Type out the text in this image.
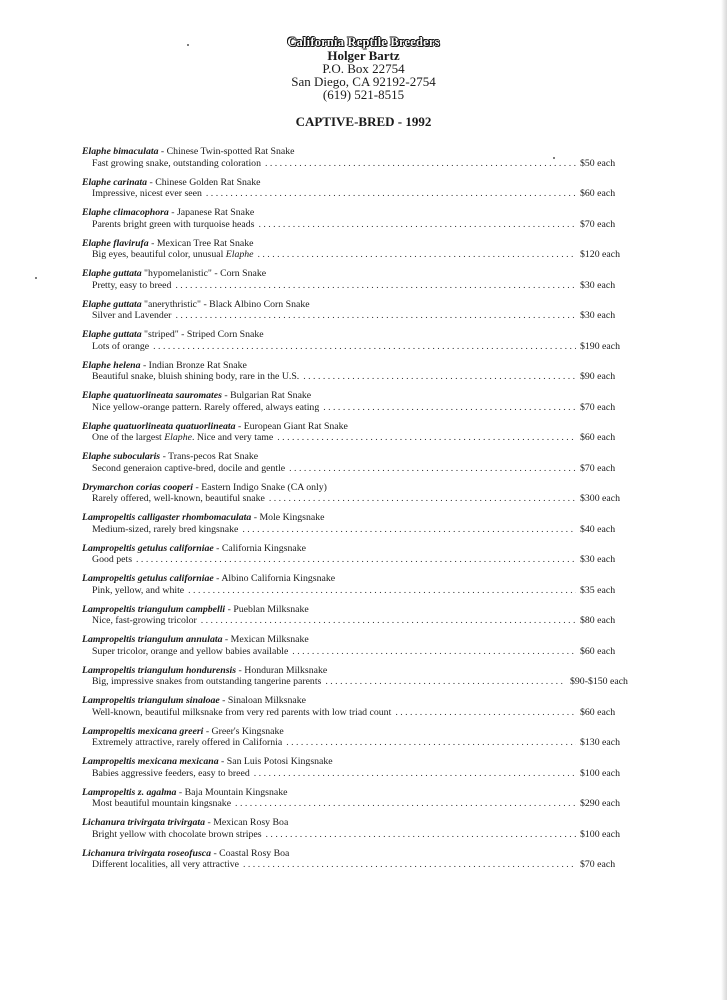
California Reptile Breeders
Holger Bartz
P.O. Box 22754
San Diego, CA 92192-2754
(619) 521-8515
CAPTIVE-BRED - 1992
Elaphe bimaculata - Chinese Twin-spotted Rat Snake
Fast growing snake, outstanding coloration . . .	$50 each
Elaphe carinata - Chinese Golden Rat Snake
Impressive, nicest ever seen . . .	$60 each
Elaphe climacophora - Japanese Rat Snake
Parents bright green with turquoise heads . . .	$70 each
Elaphe flavirufa - Mexican Tree Rat Snake
Big eyes, beautiful color, unusual Elaphe . . .	$120 each
Elaphe guttata "hypomelanistic" - Corn Snake
Pretty, easy to breed . . .	$30 each
Elaphe guttata "anerythristic" - Black Albino Corn Snake
Silver and Lavender . . .	$30 each
Elaphe guttata "striped" - Striped Corn Snake
Lots of orange . . .	$190 each
Elaphe helena - Indian Bronze Rat Snake
Beautiful snake, bluish shining body, rare in the U.S. . . .	$90 each
Elaphe quatuorlineata sauromates - Bulgarian Rat Snake
Nice yellow-orange pattern. Rarely offered, always eating . . .	$70 each
Elaphe quatuorlineata quatuorlineata - European Giant Rat Snake
One of the largest Elaphe. Nice and very tame . . .	$60 each
Elaphe subocularis - Trans-pecos Rat Snake
Second generaion captive-bred, docile and gentle . . .	$70 each
Drymarchon corias cooperi - Eastern Indigo Snake (CA only)
Rarely offered, well-known, beautiful snake . . .	$300 each
Lampropeltis calligaster rhombomaculata - Mole Kingsnake
Medium-sized, rarely bred kingsnake . . .	$40 each
Lampropeltis getulus californiae - California Kingsnake
Good pets . . .	$30 each
Lampropeltis getulus californiae - Albino California Kingsnake
Pink, yellow, and white . . .	$35 each
Lampropeltis triangulum campbelli - Pueblan Milksnake
Nice, fast-growing tricolor . . .	$80 each
Lampropeltis triangulum annulata - Mexican Milksnake
Super tricolor, orange and yellow babies available . . .	$60 each
Lampropeltis triangulum hondurensis - Honduran Milksnake
Big, impressive snakes from outstanding tangerine parents . . .	$90-$150 each
Lampropeltis triangulum sinaloae - Sinaloan Milksnake
Well-known, beautiful milksnake from very red parents with low triad count . . .	$60 each
Lampropeltis mexicana greeri - Greer's Kingsnake
Extremely attractive, rarely offered in California . . .	$130 each
Lampropeltis mexicana mexicana - San Luis Potosi Kingsnake
Babies aggressive feeders, easy to breed . . .	$100 each
Lampropeltis z. agalma - Baja Mountain Kingsnake
Most beautiful mountain kingsnake . . .	$290 each
Lichanura trivirgata trivirgata - Mexican Rosy Boa
Bright yellow with chocolate brown stripes . . .	$100 each
Lichanura trivirgata roseofusca - Coastal Rosy Boa
Different localities, all very attractive . . .	$70 each
